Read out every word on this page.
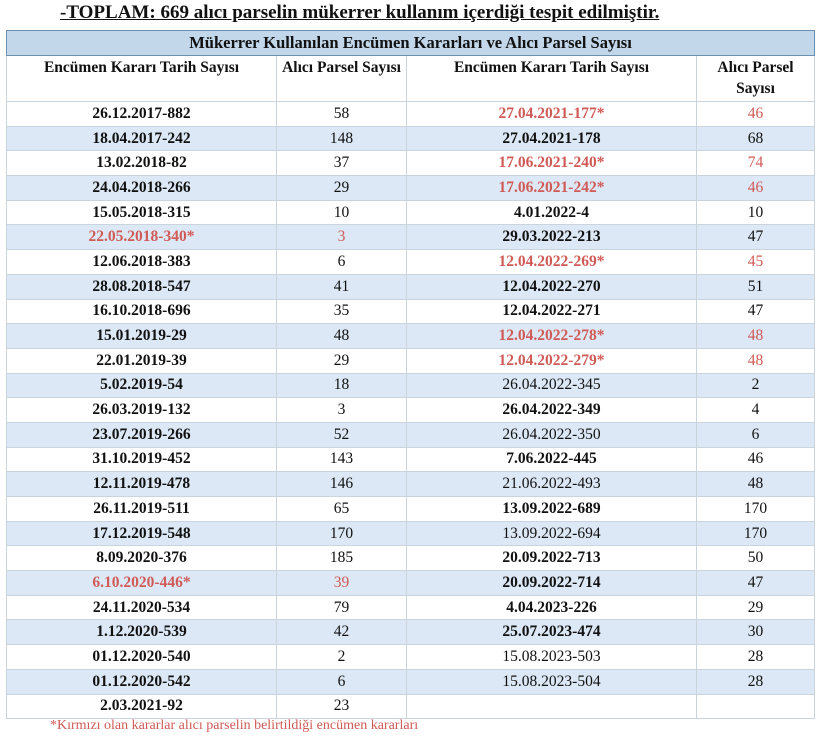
-TOPLAM: 669 alıcı parselin mükerrer kullanım içerdiği tespit edilmiştir.
Mükerrer Kullanılan Encümen Kararları ve Alıcı Parsel Sayısı			
Encümen Kararı Tarih Sayısı	Alıcı Parsel Sayısı	Encümen Kararı Tarih Sayısı	Alıcı Parsel Sayısı
26.12.2017-882	58	27.04.2021-177*	46
18.04.2017-242	148	27.04.2021-178	68
13.02.2018-82	37	17.06.2021-240*	74
24.04.2018-266	29	17.06.2021-242*	46
15.05.2018-315	10	4.01.2022-4	10
22.05.2018-340*	3	29.03.2022-213	47
12.06.2018-383	6	12.04.2022-269*	45
28.08.2018-547	41	12.04.2022-270	51
16.10.2018-696	35	12.04.2022-271	47
15.01.2019-29	48	12.04.2022-278*	48
22.01.2019-39	29	12.04.2022-279*	48
5.02.2019-54	18	26.04.2022-345	2
26.03.2019-132	3	26.04.2022-349	4
23.07.2019-266	52	26.04.2022-350	6
31.10.2019-452	143	7.06.2022-445	46
12.11.2019-478	146	21.06.2022-493	48
26.11.2019-511	65	13.09.2022-689	170
17.12.2019-548	170	13.09.2022-694	170
8.09.2020-376	185	20.09.2022-713	50
6.10.2020-446*	39	20.09.2022-714	47
24.11.2020-534	79	4.04.2023-226	29
1.12.2020-539	42	25.07.2023-474	30
01.12.2020-540	2	15.08.2023-503	28
01.12.2020-542	6	15.08.2023-504	28
2.03.2021-92	23		
*Kırmızı olan kararlar alıcı parselin belirtildiği encümen kararları
